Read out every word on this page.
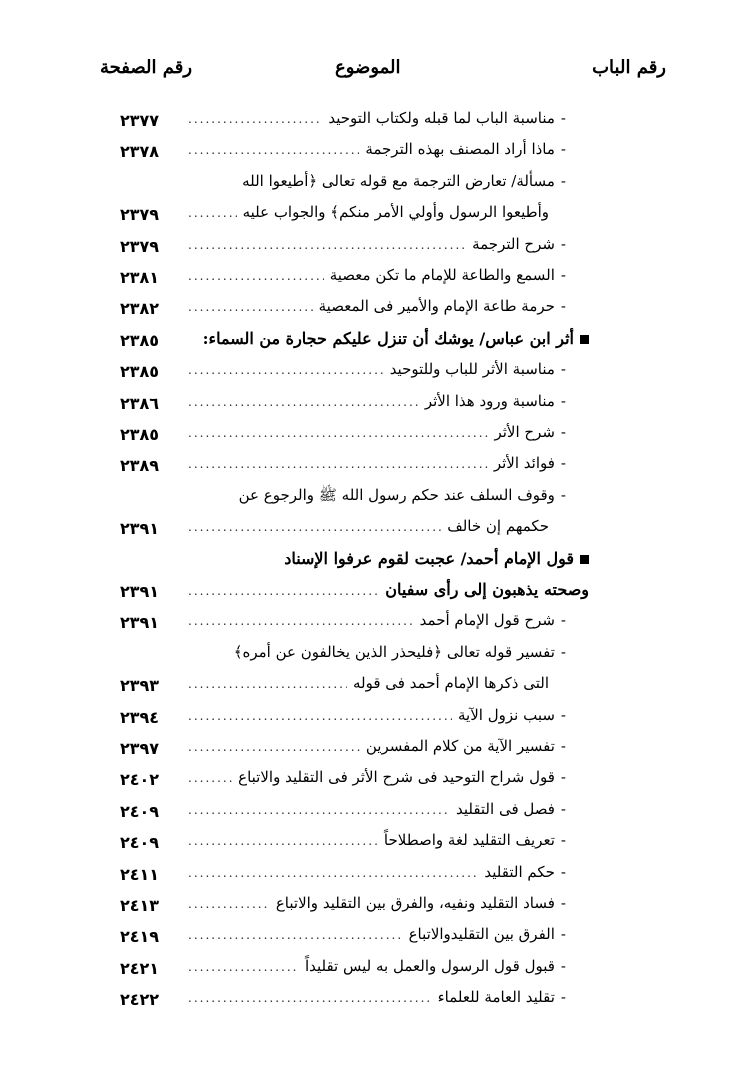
رقم الباب
الموضوع
رقم الصفحة
-
مناسبة الباب لما قبله ولكتاب التوحيد
.....
٢٣٧٧
-
ماذا أراد المصنف بهذه الترجمة
.....
٢٣٧٨
-
مسألة/ تعارض الترجمة مع قوله تعالى ﴿أطيعوا الله
وأطيعوا الرسول وأولي الأمر منكم﴾ والجواب عليه
.....
٢٣٧٩
-
شرح الترجمة
.....
٢٣٧٩
-
السمع والطاعة للإمام ما تكن معصية
.....
٢٣٨١
-
حرمة طاعة الإمام والأمير فى المعصية
.....
٢٣٨٢
أثر ابن عباس/ يوشك أن تنزل عليكم حجارة من السماء:
٢٣٨٥
-
مناسبة الأثر للباب وللتوحيد
.....
٢٣٨٥
-
مناسبة ورود هذا الأثر
.....
٢٣٨٦
-
شرح الأثر
.....
٢٣٨٥
-
فوائد الأثر
.....
٢٣٨٩
-
وقوف السلف عند حكم رسول الله ﷺ والرجوع عن
حكمهم إن خالف
.....
٢٣٩١
قول الإمام أحمد/ عجبت لقوم عرفوا الإسناد
وصحته يذهبون إلى رأى سفيان
.....
٢٣٩١
-
شرح قول الإمام أحمد
.....
٢٣٩١
-
تفسير قوله تعالى ﴿فليحذر الذين يخالفون عن أمره﴾
التى ذكرها الإمام أحمد فى قوله
.....
٢٣٩٣
-
سبب نزول الآية
.....
٢٣٩٤
-
تفسير الآية من كلام المفسرين
.....
٢٣٩٧
-
قول شراح التوحيد فى شرح الأثر فى التقليد والاتباع
.....
٢٤٠٢
-
فصل فى التقليد
.....
٢٤٠٩
-
تعريف التقليد لغة واصطلاحاً
.....
٢٤٠٩
-
حكم التقليد
.....
٢٤١١
-
فساد التقليد ونفيه، والفرق بين التقليد والاتباع
.....
٢٤١٣
-
الفرق بين التقليدوالاتباع
.....
٢٤١٩
-
قبول قول الرسول والعمل به ليس تقليداً
.....
٢٤٢١
-
تقليد العامة للعلماء
.....
٢٤٢٢
